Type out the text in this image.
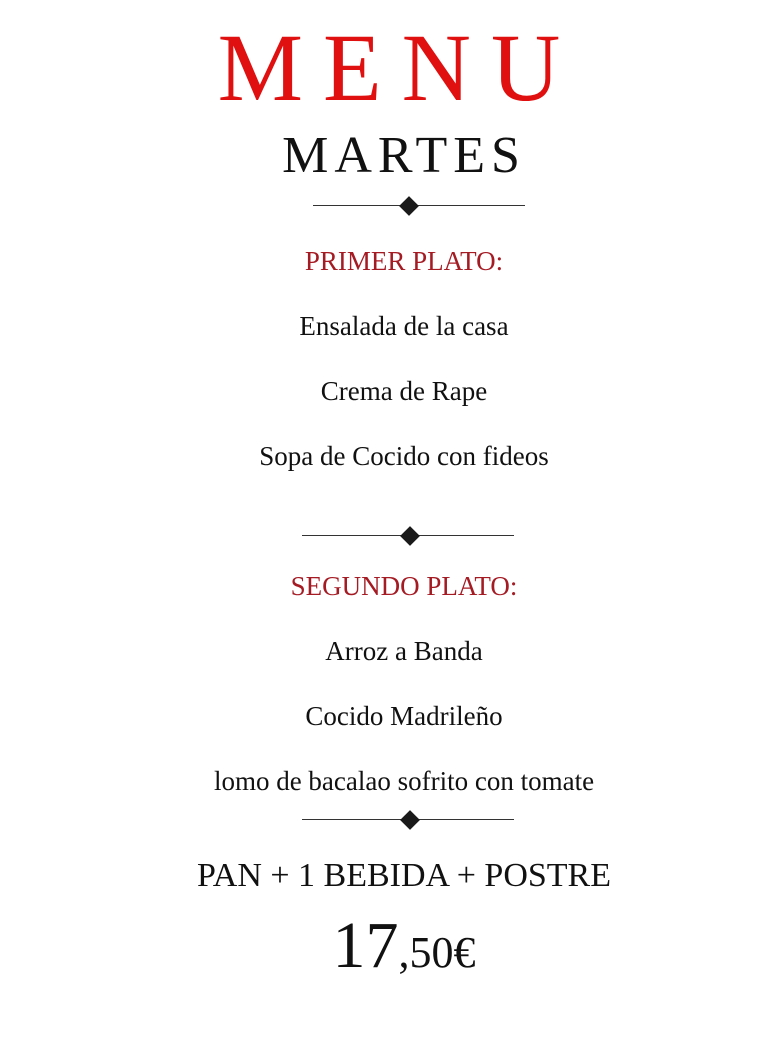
MENU
MARTES
PRIMER PLATO:
Ensalada de la casa
Crema de Rape
Sopa de Cocido con fideos
SEGUNDO PLATO:
Arroz a Banda
Cocido Madrileño
lomo de bacalao sofrito con tomate
PAN + 1 BEBIDA + POSTRE
17,50€
